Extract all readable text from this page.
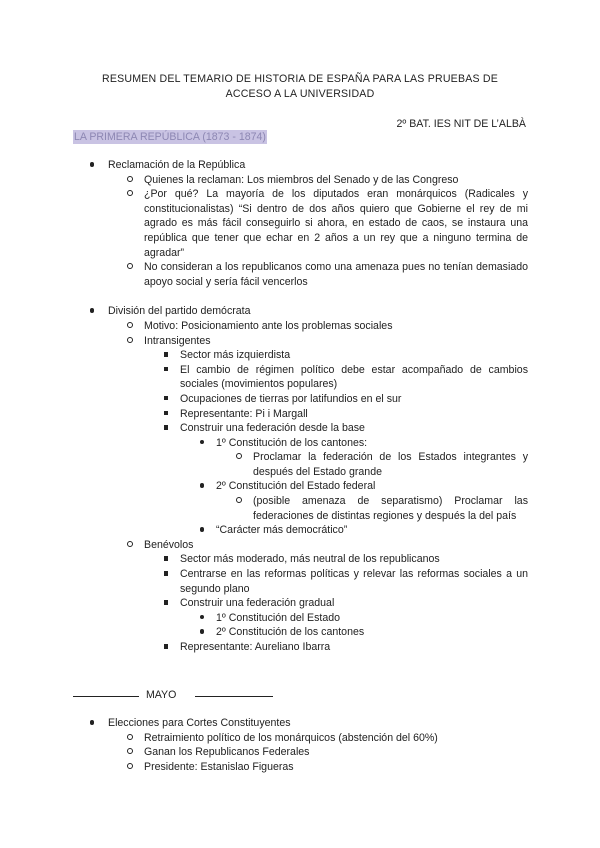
RESUMEN DEL TEMARIO DE HISTORIA DE ESPAÑA PARA LAS PRUEBAS DE
ACCESO A LA UNIVERSIDAD
2º BAT. IES NIT DE L’ALBÀ
LA PRIMERA REPÚBLICA (1873 - 1874)
Reclamación de la República
Quienes la reclaman: Los miembros del Senado y de las Congreso
¿Por qué? La mayoría de los diputados eran monárquicos (Radicales y constitucionalistas) “Si dentro de dos años quiero que Gobierne el rey de mi agrado es más fácil conseguirlo si ahora, en estado de caos, se instaura una república que tener que echar en 2 años a un rey que a ninguno termina de agradar”
No consideran a los republicanos como una amenaza pues no tenían demasiado apoyo social y sería fácil vencerlos
División del partido demócrata
Motivo: Posicionamiento ante los problemas sociales
Intransigentes
Sector más izquierdista
El cambio de régimen político debe estar acompañado de cambios sociales (movimientos populares)
Ocupaciones de tierras por latifundios en el sur
Representante: Pi i Margall
Construir una federación desde la base
1º Constitución de los cantones:
Proclamar la federación de los Estados integrantes y después del Estado grande
2º Constitución del Estado federal
(posible amenaza de separatismo) Proclamar las federaciones de distintas regiones y después la del país
“Carácter más democrático”
Benévolos
Sector más moderado, más neutral de los republicanos
Centrarse en las reformas políticas y relevar las reformas sociales a un segundo plano
Construir una federación gradual
1º Constitución del Estado
2º Constitución de los cantones
Representante: Aureliano Ibarra
MAYO
Elecciones para Cortes Constituyentes
Retraimiento político de los monárquicos (abstención del 60%)
Ganan los Republicanos Federales
Presidente: Estanislao Figueras
